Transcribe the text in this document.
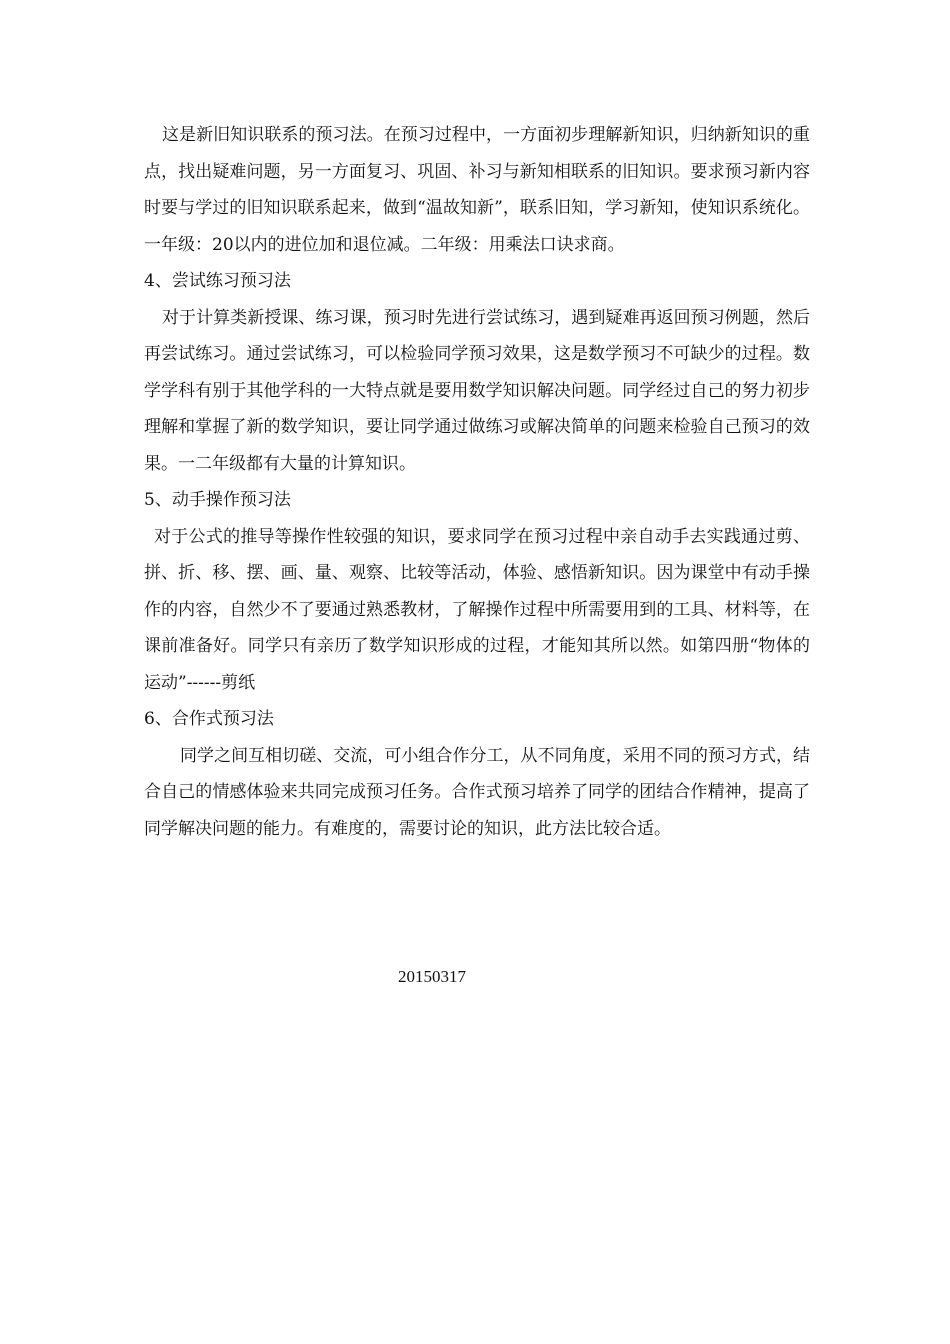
这是新旧知识联系的预习法。在预习过程中，一方面初步理解新知识，归纳新知识的重点，找出疑难问题，另一方面复习、巩固、补习与新知相联系的旧知识。要求预习新内容时要与学过的旧知识联系起来，做到“温故知新”，联系旧知，学习新知，使知识系统化。一年级：20以内的进位加和退位减。二年级：用乘法口诀求商。

4、尝试练习预习法

对于计算类新授课、练习课，预习时先进行尝试练习，遇到疑难再返回预习例题，然后再尝试练习。通过尝试练习，可以检验同学预习效果，这是数学预习不可缺少的过程。数学学科有别于其他学科的一大特点就是要用数学知识解决问题。同学经过自己的努力初步理解和掌握了新的数学知识，要让同学通过做练习或解决简单的问题来检验自己预习的效果。一二年级都有大量的计算知识。

5、动手操作预习法

对于公式的推导等操作性较强的知识，要求同学在预习过程中亲自动手去实践通过剪、拼、折、移、摆、画、量、观察、比较等活动，体验、感悟新知识。因为课堂中有动手操作的内容，自然少不了要通过熟悉教材，了解操作过程中所需要用到的工具、材料等，在课前准备好。同学只有亲历了数学知识形成的过程，才能知其所以然。如第四册“物体的运动”------剪纸

6、合作式预习法

同学之间互相切磋、交流，可小组合作分工，从不同角度，采用不同的预习方式，结合自己的情感体验来共同完成预习任务。合作式预习培养了同学的团结合作精神，提高了同学解决问题的能力。有难度的，需要讨论的知识，此方法比较合适。

20150317
